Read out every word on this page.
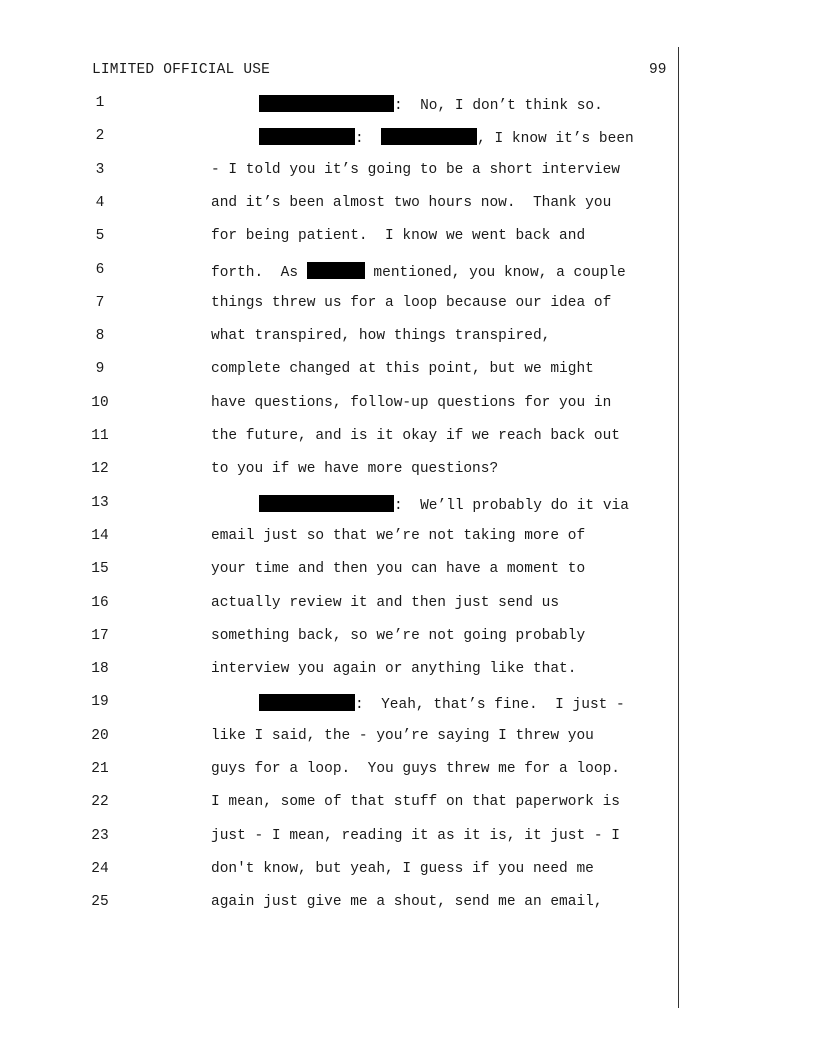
LIMITED OFFICIAL USE	99
1	:  No, I don’t think so.
2	:	, I know it’s been
3	- I told you it’s going to be a short interview
4	and it’s been almost two hours now.  Thank you
5	for being patient.  I know we went back and
6	forth.  As	mentioned, you know, a couple
7	things threw us for a loop because our idea of
8	what transpired, how things transpired,
9	complete changed at this point, but we might
10	have questions, follow-up questions for you in
11	the future, and is it okay if we reach back out
12	to you if we have more questions?
13	:  We’ll probably do it via
14	email just so that we’re not taking more of
15	your time and then you can have a moment to
16	actually review it and then just send us
17	something back, so we’re not going probably
18	interview you again or anything like that.
19	:  Yeah, that’s fine.  I just -
20	like I said, the - you’re saying I threw you
21	guys for a loop.  You guys threw me for a loop.
22	I mean, some of that stuff on that paperwork is
23	just - I mean, reading it as it is, it just - I
24	don't know, but yeah, I guess if you need me
25	again just give me a shout, send me an email,
